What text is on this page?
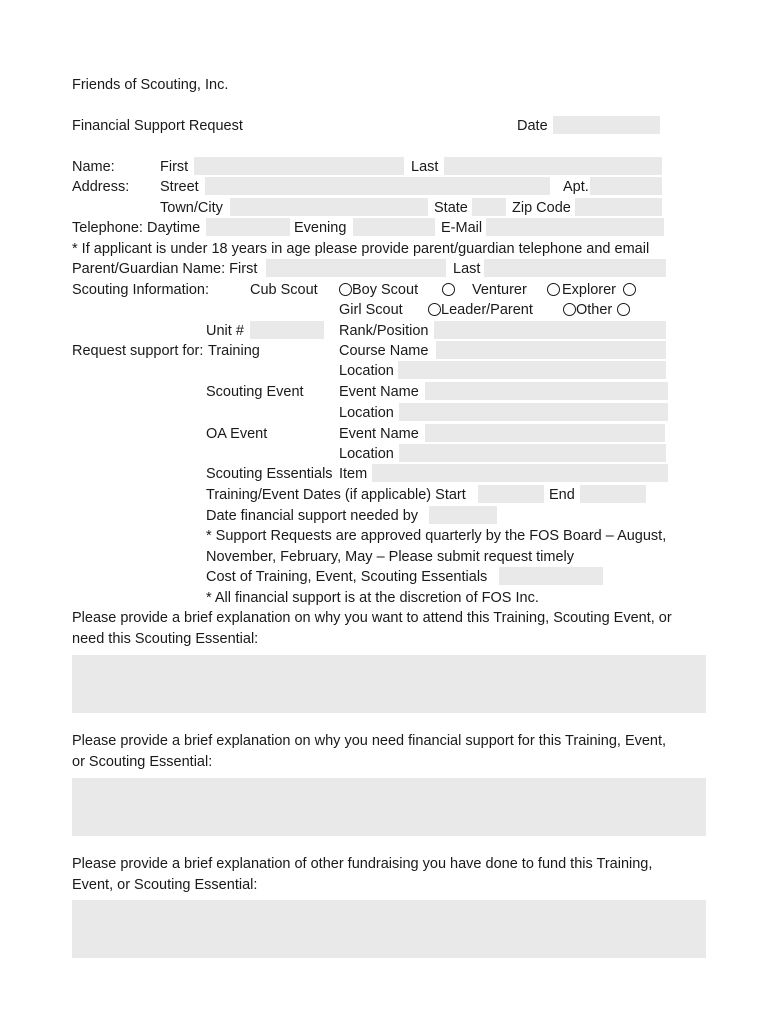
Friends of Scouting, Inc.
Financial Support Request	Date
Name:	First	Last
Address: Street	Apt.
Town/City	State	Zip Code
Telephone: Daytime	Evening	E-Mail
* If applicant is under 18 years in age please provide parent/guardian telephone and email
Parent/Guardian Name: First	Last
Scouting Information:	Cub Scout Boy Scout	Venturer Explorer
Girl Scout	Leader/Parent	Other
Unit #	Rank/Position
Request support for: Training	Course Name
Location
Scouting Event Event Name
Location
OA Event	Event Name
Location
Scouting Essentials Item
Training/Event Dates (if applicable) Start	End
Date financial support needed by
* Support Requests are approved quarterly by the FOS Board – August,
November, February, May – Please submit request timely
Cost of Training, Event, Scouting Essentials
* All financial support is at the discretion of FOS Inc.
Please provide a brief explanation on why you want to attend this Training, Scouting Event, or
need this Scouting Essential:
Please provide a brief explanation on why you need financial support for this Training, Event,
or Scouting Essential:
Please provide a brief explanation of other fundraising you have done to fund this Training,
Event, or Scouting Essential:
